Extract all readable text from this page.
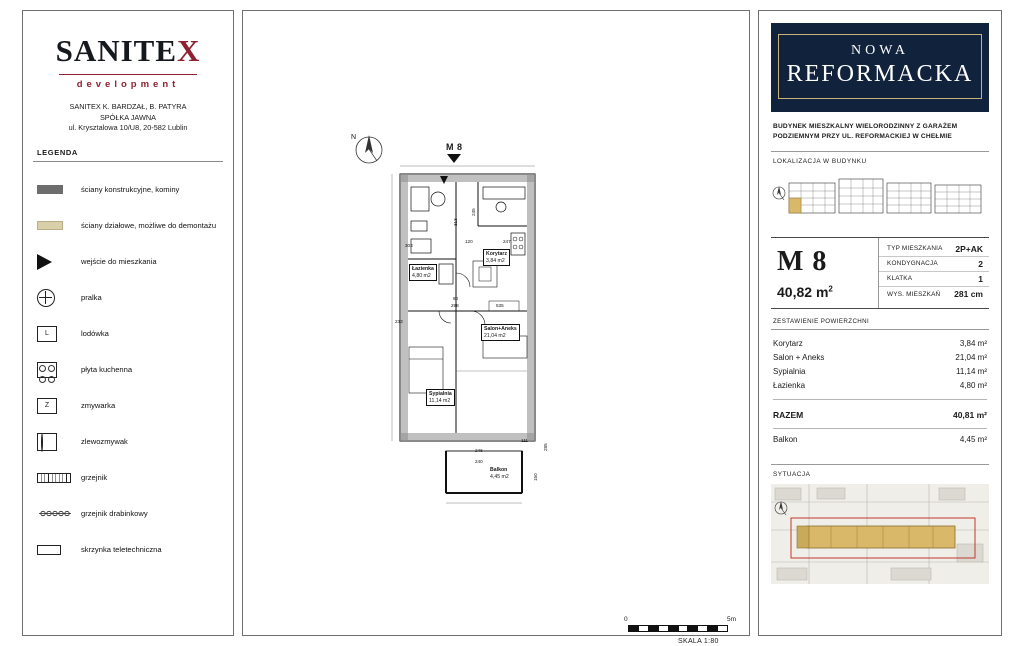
SANITEX
development
SANITEX K. BARDZAŁ, B. PATYRA
SPÓŁKA JAWNA
ul. Krysztalowa 10/U8, 20-582 Lublin
LEGENDA
ściany konstrukcyjne, kominy
ściany działowe, możliwe do demontażu
wejście do mieszkania
pralka
L	lodówka
płyta kuchenna
Z	zmywarka
zlewozmywak
grzejnik
grzejnik drabinkowy
skrzynka teletechniczna
N
M 8
Łazienka
4,80 m2
Korytarz
3,84 m2
Salon+Aneks
21,04 m2
Sypialnia
11,14 m2
Balkon
4,45 m2
303
120	247
313
245
233
80
298	535
246
240
285
150
111
0	5m
SKALA 1:80
NOWA
REFORMACKA
BUDYNEK MIESZKALNY WIELORODZINNY Z GARAŻEM PODZIEMNYM PRZY UL. REFORMACKIEJ W CHEŁMIE
LOKALIZACJA W BUDYNKU
M 8
40,82 $m^2$
TYP MIESZKANIA 2P+AK
KONDYGNACJA	2
KLATKA	1
WYS. MIESZKAŃ 281 cm
ZESTAWIENIE POWIERZCHNI
Korytarz	3,84 m²
Salon + Aneks	21,04 m²
Sypialnia	11,14 m²
Łazienka	4,80 m²
RAZEM	40,81 m²
Balkon	4,45 m²
SYTUACJA
